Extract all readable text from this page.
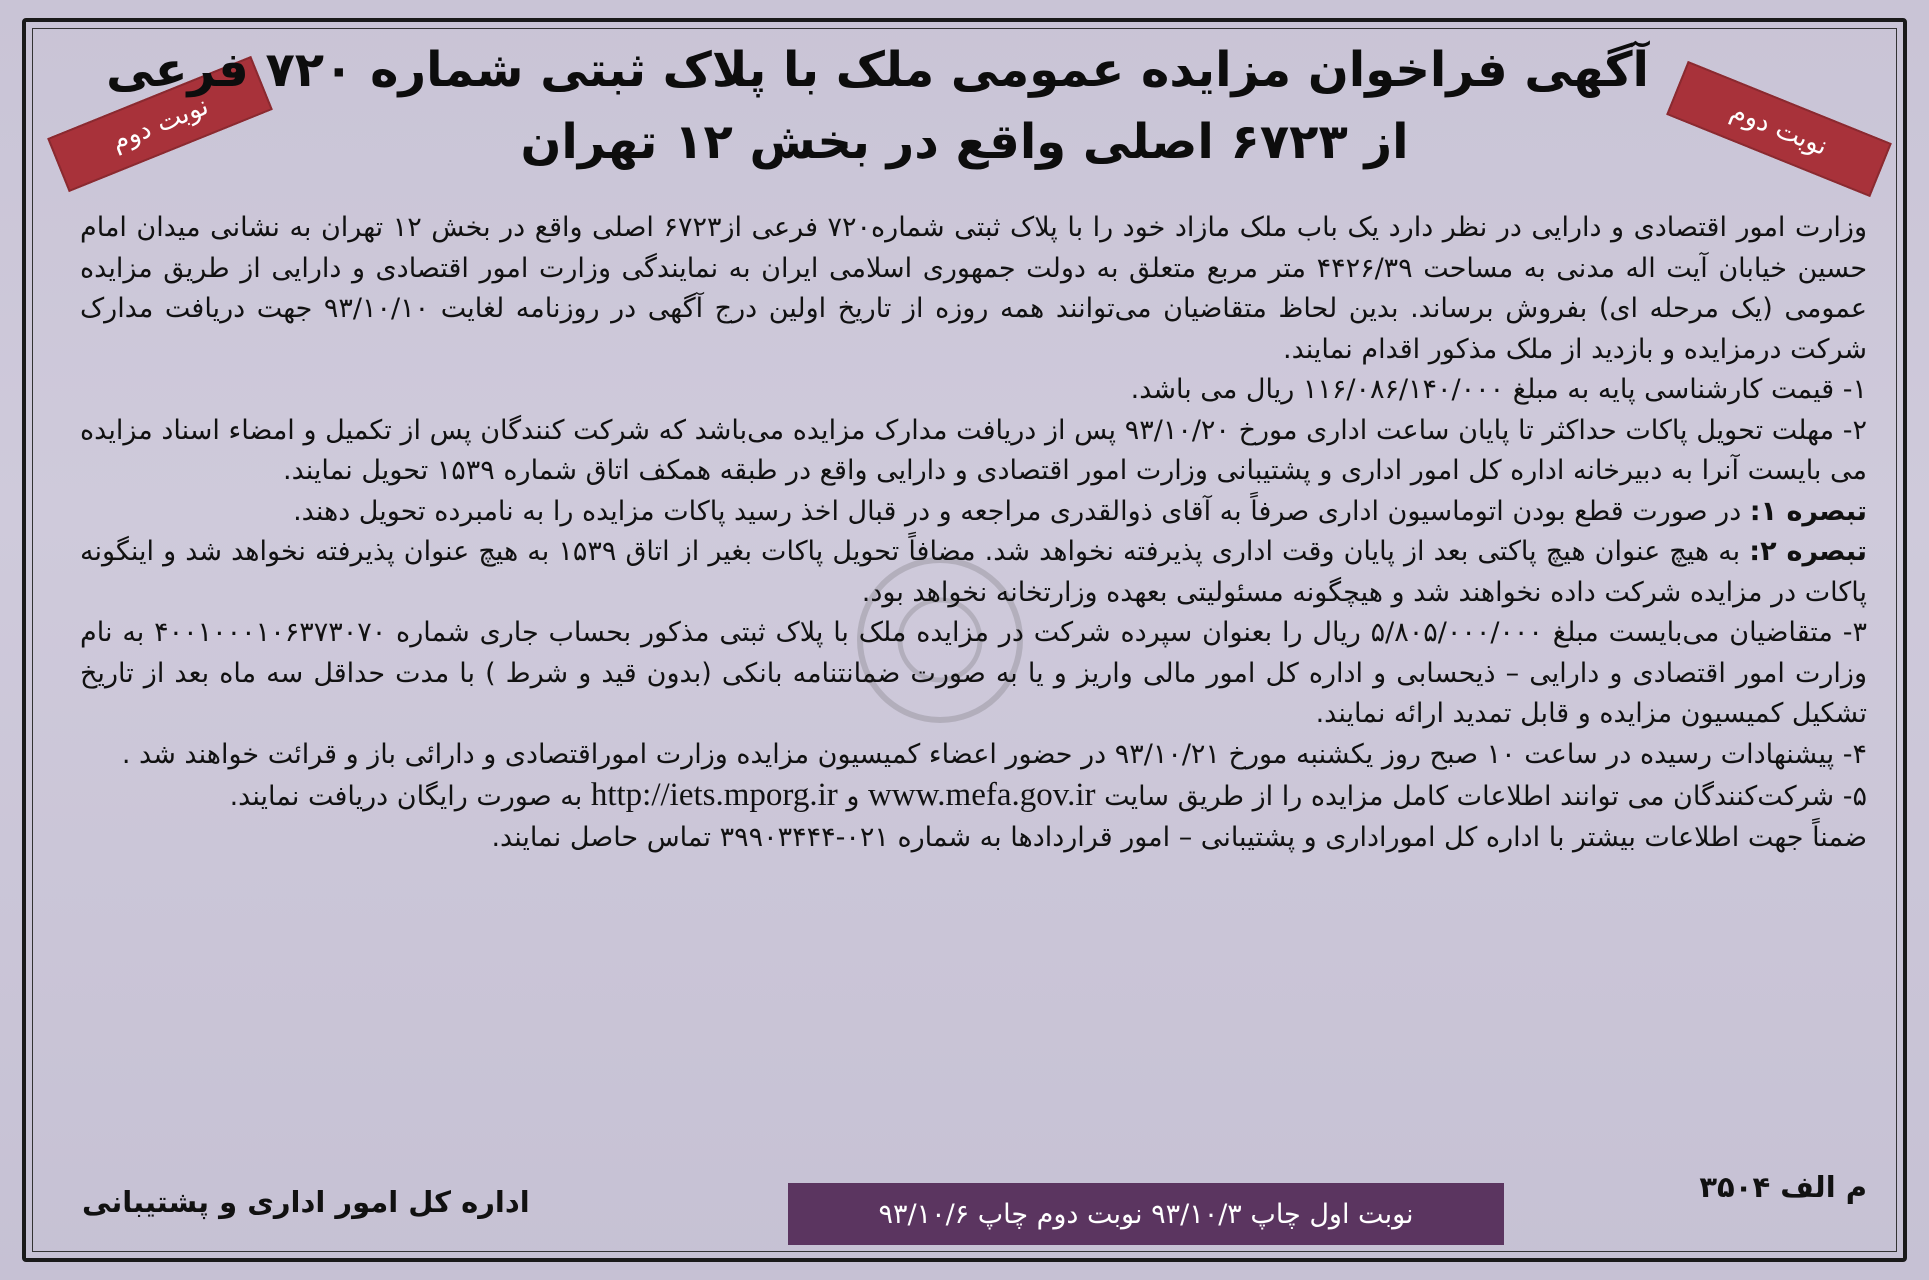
نوبت دوم
نوبت دوم
آگهی فراخوان مزایده عمومی ملک با پلاک ثبتی شماره ۷۲۰ فرعی
از ۶۷۲۳ اصلی واقع در بخش ۱۲ تهران

وزارت امور اقتصادی و دارایی در نظر دارد یک باب ملک مازاد خود را با پلاک ثبتی شماره۷۲۰ فرعی از۶۷۲۳ اصلی واقع در بخش ۱۲ تهران به نشانی میدان امام حسین خیابان آیت اله مدنی به مساحت ۴۴۲۶/۳۹ متر مربع متعلق به دولت جمهوری اسلامی ایران به نمایندگی وزارت امور اقتصادی و دارایی از طریق مزایده عمومی (یک مرحله ای) بفروش برساند. بدین لحاظ متقاضیان می‌توانند همه روزه از تاریخ اولین درج آگهی در روزنامه لغایت ۹۳/۱۰/۱۰ جهت دریافت مدارک شرکت درمزایده و بازدید از ملک مذکور اقدام نمایند.

۱- قیمت کارشناسی پایه به مبلغ ۱۱۶/۰۸۶/۱۴۰/۰۰۰ ریال می باشد.

۲- مهلت تحویل پاکات حداکثر تا پایان ساعت اداری مورخ ۹۳/۱۰/۲۰ پس از دریافت مدارک مزایده می‌باشد که شرکت کنندگان پس از تکمیل و امضاء اسناد مزایده می بایست آنرا به دبیرخانه اداره کل امور اداری و پشتیبانی وزارت امور اقتصادی و دارایی واقع در طبقه همکف اتاق شماره ۱۵۳۹ تحویل نمایند.

تبصره ۱: در صورت قطع بودن اتوماسیون اداری صرفاً به آقای ذوالقدری مراجعه و در قبال اخذ رسید پاکات مزایده را به نامبرده تحویل دهند.

تبصره ۲: به هیچ عنوان هیچ پاکتی بعد از پایان وقت اداری پذیرفته نخواهد شد. مضافاً تحویل پاکات بغیر از اتاق ۱۵۳۹ به هیچ عنوان پذیرفته نخواهد شد و اینگونه پاکات در مزایده شرکت داده نخواهند شد و هیچگونه مسئولیتی بعهده وزارتخانه نخواهد بود.

۳- متقاضیان می‌بایست مبلغ ۵/۸۰۵/۰۰۰/۰۰۰ ریال را بعنوان سپرده شرکت در مزایده ملک با پلاک ثبتی مذکور بحساب جاری شماره ۴۰۰۱۰۰۰۱۰۶۳۷۳۰۷۰ به نام وزارت امور اقتصادی و دارایی – ذیحسابی و اداره کل امور مالی واریز و یا به صورت ضمانتنامه بانکی (بدون قید و شرط ) با مدت حداقل سه ماه بعد از تاریخ تشکیل کمیسیون مزایده و قابل تمدید ارائه نمایند.

۴- پیشنهادات رسیده در ساعت ۱۰ صبح روز یکشنبه مورخ ۹۳/۱۰/۲۱ در حضور اعضاء کمیسیون مزایده وزارت اموراقتصادی و دارائی باز و قرائت خواهند شد .

۵- شرکت‌کنندگان می توانند اطلاعات کامل مزایده را از طریق سایت www.mefa.gov.ir و http://iets.mporg.ir به صورت رایگان دریافت نمایند.

ضمناً جهت اطلاعات بیشتر با اداره کل اموراداری و پشتیبانی – امور قراردادها به شماره ۰۲۱-۳۹۹۰۳۴۴۴ تماس حاصل نمایند.

م الف ۳۵۰۴
نوبت اول چاپ ۹۳/۱۰/۳ نوبت دوم چاپ ۹۳/۱۰/۶
اداره کل امور اداری و پشتیبانی
